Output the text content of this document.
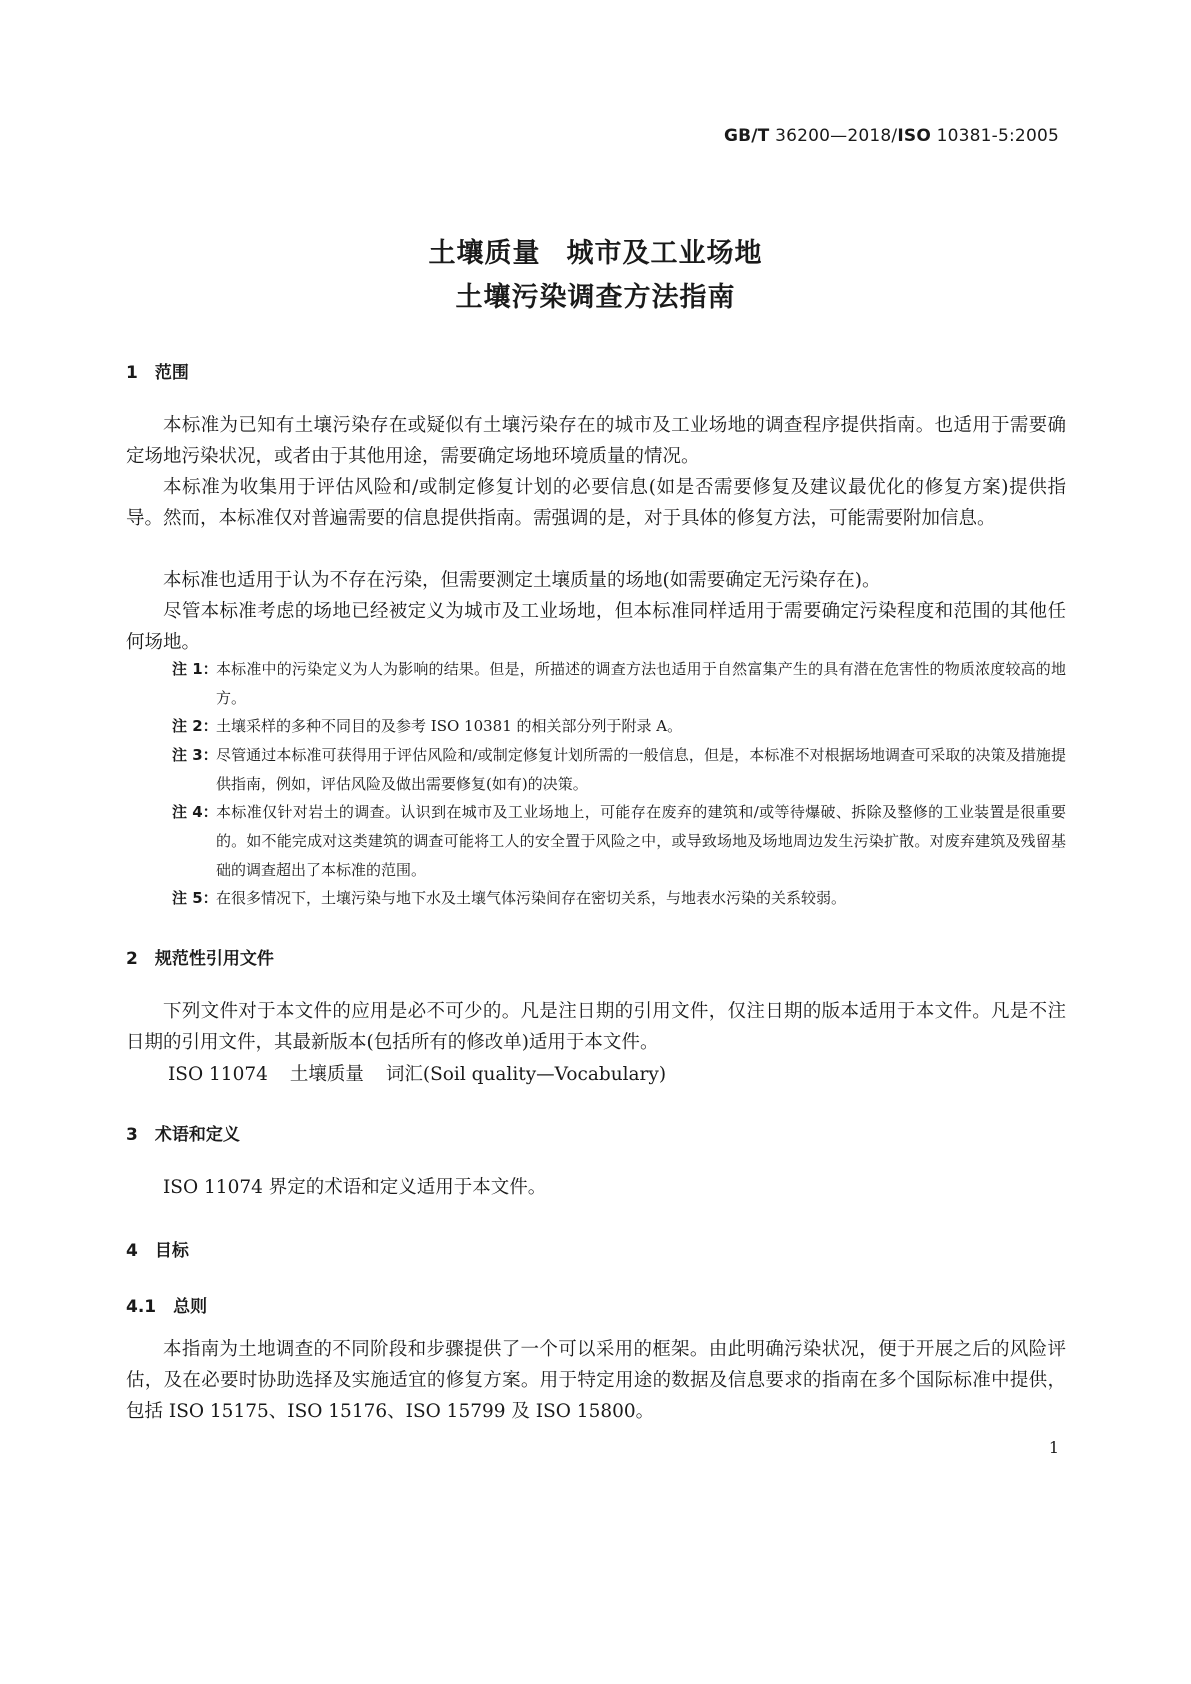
GB/T 36200—2018/ISO 10381-5:2005
土壤质量 城市及工业场地
土壤污染调查方法指南
1　范围
本标准为已知有土壤污染存在或疑似有土壤污染存在的城市及工业场地的调查程序提供指南。也适用于需要确定场地污染状况，或者由于其他用途，需要确定场地环境质量的情况。
本标准为收集用于评估风险和/或制定修复计划的必要信息(如是否需要修复及建议最优化的修复方案)提供指导。然而，本标准仅对普遍需要的信息提供指南。需强调的是，对于具体的修复方法，可能需要附加信息。
本标准也适用于认为不存在污染，但需要测定土壤质量的场地(如需要确定无污染存在)。
尽管本标准考虑的场地已经被定义为城市及工业场地，但本标准同样适用于需要确定污染程度和范围的其他任何场地。
注 1：
本标准中的污染定义为人为影响的结果。但是，所描述的调查方法也适用于自然富集产生的具有潜在危害性的物质浓度较高的地方。
注 2：
土壤采样的多种不同目的及参考 ISO 10381 的相关部分列于附录 A。
注 3：
尽管通过本标准可获得用于评估风险和/或制定修复计划所需的一般信息，但是，本标准不对根据场地调查可采取的决策及措施提供指南，例如，评估风险及做出需要修复(如有)的决策。
注 4：
本标准仅针对岩土的调查。认识到在城市及工业场地上，可能存在废弃的建筑和/或等待爆破、拆除及整修的工业装置是很重要的。如不能完成对这类建筑的调查可能将工人的安全置于风险之中，或导致场地及场地周边发生污染扩散。对废弃建筑及残留基础的调查超出了本标准的范围。
注 5：
在很多情况下，土壤污染与地下水及土壤气体污染间存在密切关系，与地表水污染的关系较弱。
2　规范性引用文件
下列文件对于本文件的应用是必不可少的。凡是注日期的引用文件，仅注日期的版本适用于本文件。凡是不注日期的引用文件，其最新版本(包括所有的修改单)适用于本文件。
ISO 11074 土壤质量 词汇(Soil quality—Vocabulary)
3　术语和定义
ISO 11074 界定的术语和定义适用于本文件。
4　目标
4.1　总则
本指南为土地调查的不同阶段和步骤提供了一个可以采用的框架。由此明确污染状况，便于开展之后的风险评估，及在必要时协助选择及实施适宜的修复方案。用于特定用途的数据及信息要求的指南在多个国际标准中提供，包括 ISO 15175、ISO 15176、ISO 15799 及 ISO 15800。
1
